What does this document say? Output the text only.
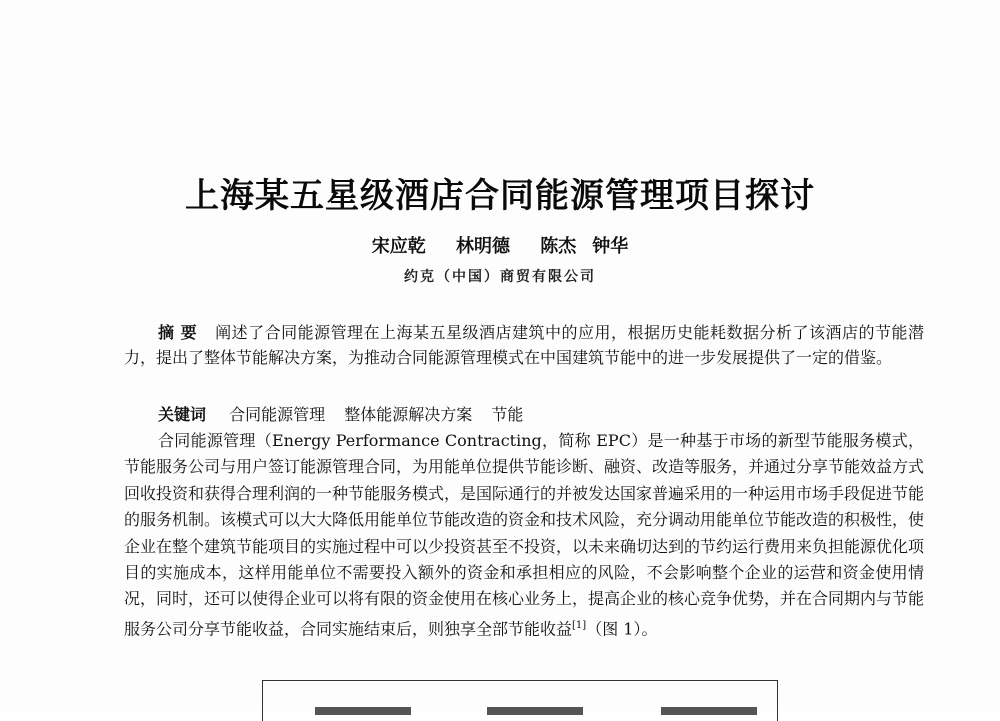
上海某五星级酒店合同能源管理项目探讨
宋应乾 林明德 陈杰 钟华
约克（中国）商贸有限公司
摘 要 阐述了合同能源管理在上海某五星级酒店建筑中的应用，根据历史能耗数据分析了该酒店的节能潜力，提出了整体节能解决方案，为推动合同能源管理模式在中国建筑节能中的进一步发展提供了一定的借鉴。
关键词 合同能源管理 整体能源解决方案 节能
合同能源管理（Energy Performance Contracting，简称 EPC）是一种基于市场的新型节能服务模式，节能服务公司与用户签订能源管理合同，为用能单位提供节能诊断、融资、改造等服务，并通过分享节能效益方式回收投资和获得合理利润的一种节能服务模式，是国际通行的并被发达国家普遍采用的一种运用市场手段促进节能的服务机制。该模式可以大大降低用能单位节能改造的资金和技术风险，充分调动用能单位节能改造的积极性，使企业在整个建筑节能项目的实施过程中可以少投资甚至不投资，以未来确切达到的节约运行费用来负担能源优化项目的实施成本，这样用能单位不需要投入额外的资金和承担相应的风险，不会影响整个企业的运营和资金使用情况，同时，还可以使得企业可以将有限的资金使用在核心业务上，提高企业的核心竞争优势，并在合同期内与节能服务公司分享节能收益，合同实施结束后，则独享全部节能收益[1]（图 1）。
